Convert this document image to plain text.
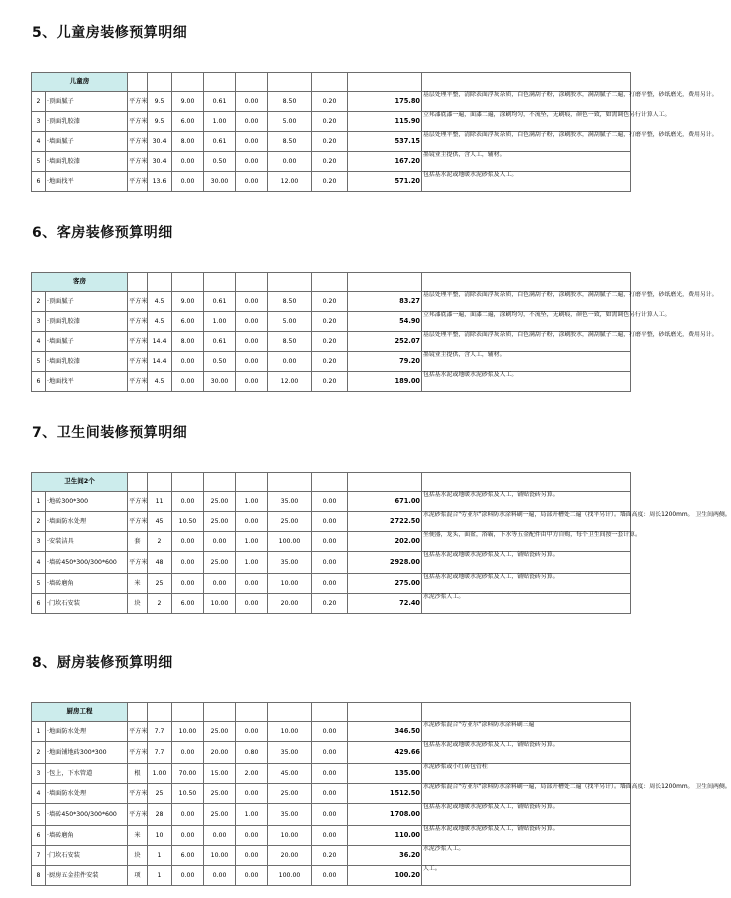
5、儿童房装修预算明细
儿童房										
2	·顶面腻子	平方米	9.5	9.00	0.61	0.00	8.50	0.20	175.80	基层处理平整，清除表面浮灰杂质，白色满刮子粉，涂刷胶水，满刮腻子二遍，打磨平整，砂纸磨光，费用另计。
3	·顶面乳胶漆	平方米	9.5	6.00	1.00	0.00	5.00	0.20	115.90	立邦漆底漆一遍，面漆二遍，涂刷均匀，不流坠，无刷痕，颜色一致，如需调色另行计算人工。
4	·墙面腻子	平方米	30.4	8.00	0.61	0.00	8.50	0.20	537.15	基层处理平整，清除表面浮灰杂质，白色满刮子粉，涂刷胶水，满刮腻子二遍，打磨平整，砂纸磨光，费用另计。
5	·墙面乳胶漆	平方米	30.4	0.00	0.50	0.00	0.00	0.20	167.20	墨镜业主提供，含人工，辅材。
6	·地面找平	平方米	13.6	0.00	30.00	0.00	12.00	0.20	571.20	包括基水泥或地暖水泥砂浆及人工。
6、客房装修预算明细
客房										
2	·顶面腻子	平方米	4.5	9.00	0.61	0.00	8.50	0.20	83.27	基层处理平整，清除表面浮灰杂质，白色满刮子粉，涂刷胶水，满刮腻子二遍，打磨平整，砂纸磨光，费用另计。
3	·顶面乳胶漆	平方米	4.5	6.00	1.00	0.00	5.00	0.20	54.90	立邦漆底漆一遍，面漆二遍，涂刷均匀，不流坠，无刷痕，颜色一致，如需调色另行计算人工。
4	·墙面腻子	平方米	14.4	8.00	0.61	0.00	8.50	0.20	252.07	基层处理平整，清除表面浮灰杂质，白色满刮子粉，涂刷胶水，满刮腻子二遍，打磨平整，砂纸磨光，费用另计。
5	·墙面乳胶漆	平方米	14.4	0.00	0.50	0.00	0.00	0.20	79.20	墨镜业主提供，含人工，辅材。
6	·地面找平	平方米	4.5	0.00	30.00	0.00	12.00	0.20	189.00	包括基水泥或地暖水泥砂浆及人工。
7、卫生间装修预算明细
卫生间2个										
1	·地砖300*300	平方米	11	0.00	25.00	1.00	35.00	0.00	671.00	包括基水泥或地暖水泥砂浆及人工，铺贴瓷砖另算。
2	·墙面防水处理	平方米	45	10.50	25.00	0.00	25.00	0.00	2722.50	水泥砂浆混合"劳亚尔"涂料防水涂料刷一遍，局部开槽处二遍（找平另计）。墙面高度：周长1200mm。 卫生间两侧。
3	·安装洁具	套	2	0.00	0.00	1.00	100.00	0.00	202.00	坐便器，龙头，面盆，浴霸，下水等五金配件由甲方自购，每个卫生间按一套计算。
4	·墙砖450*300/300*600	平方米	48	0.00	25.00	1.00	35.00	0.00	2928.00	包括基水泥或地暖水泥砂浆及人工，铺贴瓷砖另算。
5	·墙砖磨角	米	25	0.00	0.00	0.00	10.00	0.00	275.00	包括基水泥或地暖水泥砂浆及人工，铺贴瓷砖另算。
6	·门坎石安装	块	2	6.00	10.00	0.00	20.00	0.20	72.40	水泥沙浆人工。
8、厨房装修预算明细
厨房工程										
1	·地面防水处理	平方米	7.7	10.00	25.00	0.00	10.00	0.00	346.50	水泥砂浆混合"劳亚尔"涂料防水涂料刷三遍
2	·地面铺地砖300*300	平方米	7.7	0.00	20.00	0.80	35.00	0.00	429.66	包括基水泥或地暖水泥砂浆及人工，铺贴瓷砖另算。
3	·包上，下水管道	根	1.00	70.00	15.00	2.00	45.00	0.00	135.00	水泥砂浆或小红砖包管柱
4	·墙面防水处理	平方米	25	10.50	25.00	0.00	25.00	0.00	1512.50	水泥砂浆混合"劳亚尔"涂料防水涂料刷一遍，局部开槽处二遍（找平另计）。墙面高度：周长1200mm。 卫生间两侧。
5	·墙砖450*300/300*600	平方米	28	0.00	25.00	1.00	35.00	0.00	1708.00	包括基水泥或地暖水泥砂浆及人工，铺贴瓷砖另算。
6	·墙砖磨角	米	10	0.00	0.00	0.00	10.00	0.00	110.00	包括基水泥或地暖水泥砂浆及人工，铺贴瓷砖另算。
7	·门坎石安装	块	1	6.00	10.00	0.00	20.00	0.20	36.20	水泥沙浆人工。
8	·厨房五金挂件安装	项	1	0.00	0.00	0.00	100.00	0.00	100.20	人工。
